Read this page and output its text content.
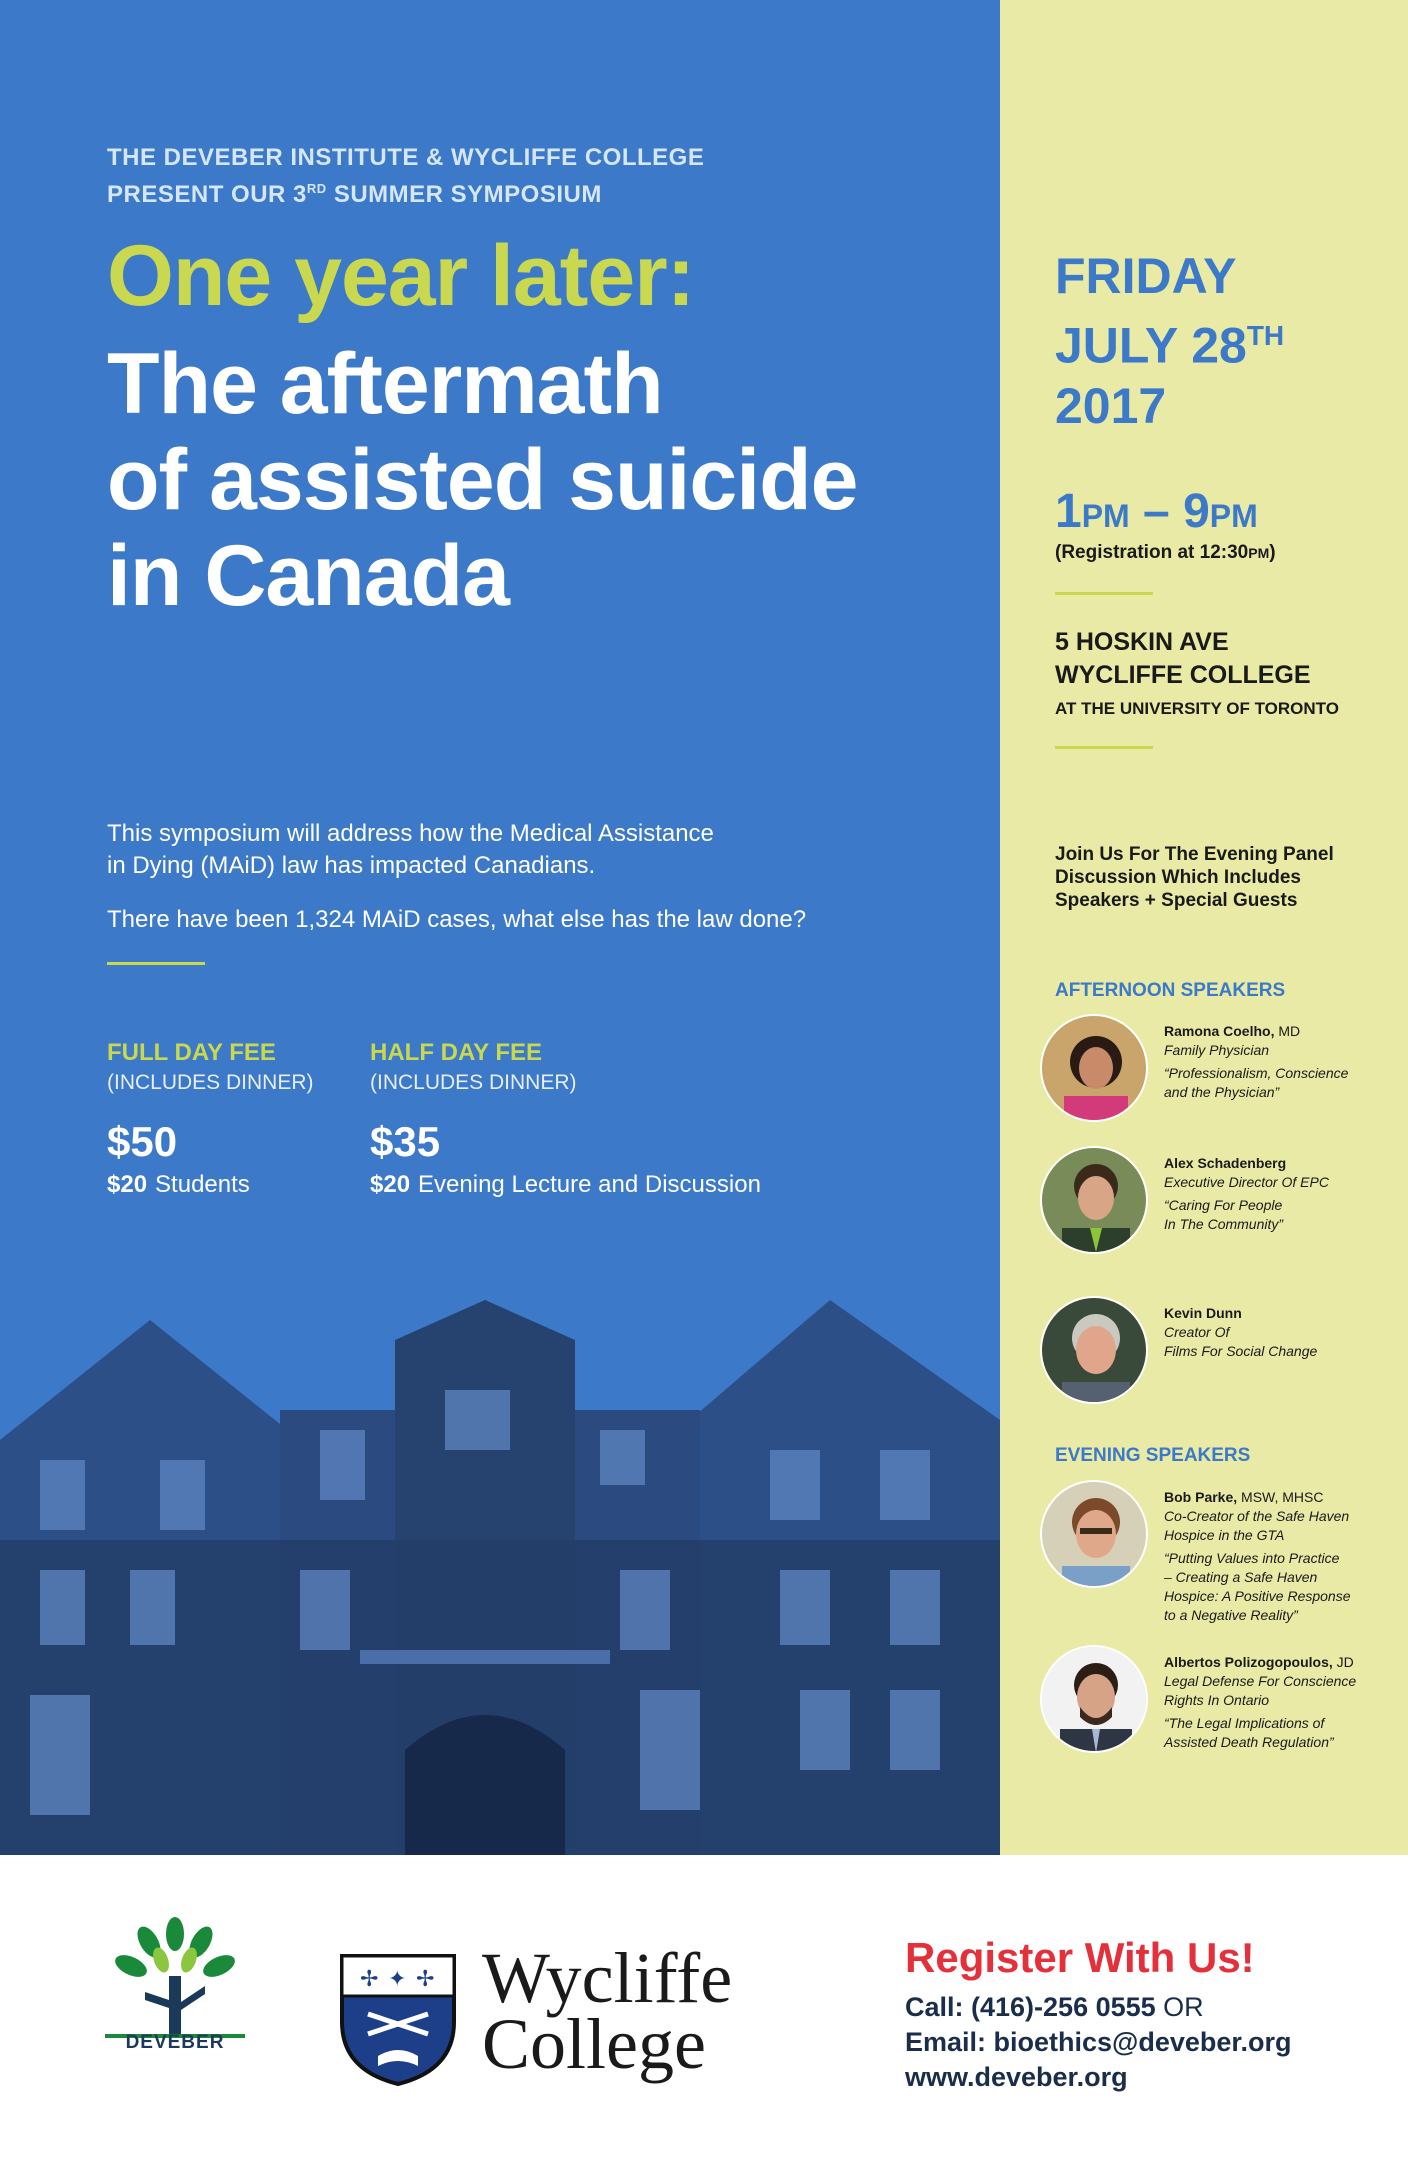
THE DEVEBER INSTITUTE & WYCLIFFE COLLEGE
PRESENT OUR 3RD SUMMER SYMPOSIUM
One year later:
The aftermath
of assisted suicide
in Canada

This symposium will address how the Medical Assistance
in Dying (MAiD) law has impacted Canadians.

There have been 1,324 MAiD cases, what else has the law done?

FULL DAY FEE
(INCLUDES DINNER)
$50
$20 Students
HALF DAY FEE
(INCLUDES DINNER)
$35
$20 Evening Lecture and Discussion
FRIDAY
JULY 28TH
2017
1PM – 9PM
(Registration at 12:30PM)
5 HOSKIN AVE
WYCLIFFE COLLEGE
AT THE UNIVERSITY OF TORONTO
Join Us For The Evening Panel
Discussion Which Includes
Speakers + Special Guests
AFTERNOON SPEAKERS
Ramona Coelho, MD
Family Physician
“Professionalism, Conscience
and the Physician”
Alex Schadenberg
Executive Director Of EPC
“Caring For People
In The Community”
Kevin Dunn
Creator Of
Films For Social Change
EVENING SPEAKERS
Bob Parke, MSW, MHSC
Co-Creator of the Safe Haven
Hospice in the GTA
“Putting Values into Practice
– Creating a Safe Haven
Hospice: A Positive Response
to a Negative Reality”
Albertos Polizogopoulos, JD
Legal Defense For Conscience
Rights In Ontario
“The Legal Implications of
Assisted Death Regulation”
DEVEBER
✢ ✦ ✢ Wycliffe
College
Register With Us!
Call: (416)-256 0555 OR
Email: bioethics@deveber.org
www.deveber.org
